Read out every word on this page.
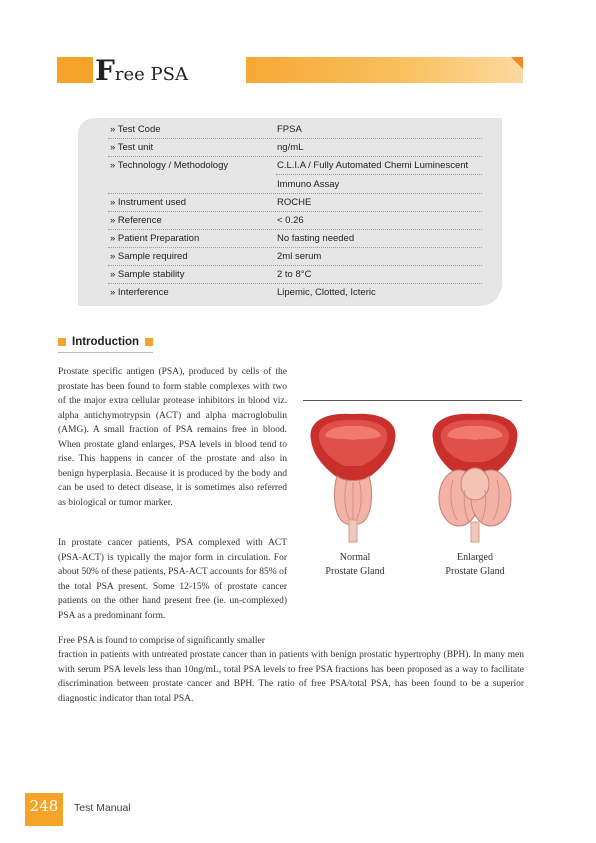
Free PSA
» Test Code	FPSA
» Test unit	ng/mL
» Technology / Methodology	C.L.I.A / Fully Automated Chemi Luminescent
Immuno Assay
» Instrument used	ROCHE
» Reference	< 0.26
» Patient Preparation	No fasting needed
» Sample required	2ml serum
» Sample stability	2 to 8°C
» Interference	Lipemic, Clotted, Icteric
Introduction

Prostate specific antigen (PSA), produced by cells of the prostate has been found to form stable complexes with two of the major extra cellular protease inhibitors in blood viz. alpha antichymotrypsin (ACT) and alpha macroglobulin (AMG). A small fraction of PSA remains free in blood. When prostate gland enlarges, PSA levels in blood tend to rise. This happens in cancer of the prostate and also in benign hyperplasia. Because it is produced by the body and can be used to detect disease, it is sometimes also referred as biological or tumor marker.

In prostate cancer patients, PSA complexed with ACT (PSA-ACT) is typically the major form in circulation. For about 50% of these patients, PSA-ACT accounts for 85% of the total PSA present. Some 12-15% of prostate cancer patients on the other hand present free (ie. un-complexed) PSA as a predominant form.

Free PSA is found to comprise of significantly smaller

fraction in patients with untreated prostate cancer than in patients with benign prostatic hypertrophy (BPH). In many men with serum PSA levels less than 10ng/mL, total PSA levels to free PSA fractions has been proposed as a way to facilitate discrimination between prostate cancer and BPH. The ratio of free PSA/total PSA, has been found to be a superior diagnostic indicator than total PSA.

Normal
Prostate Gland
Enlarged
Prostate Gland
248	Test Manual
